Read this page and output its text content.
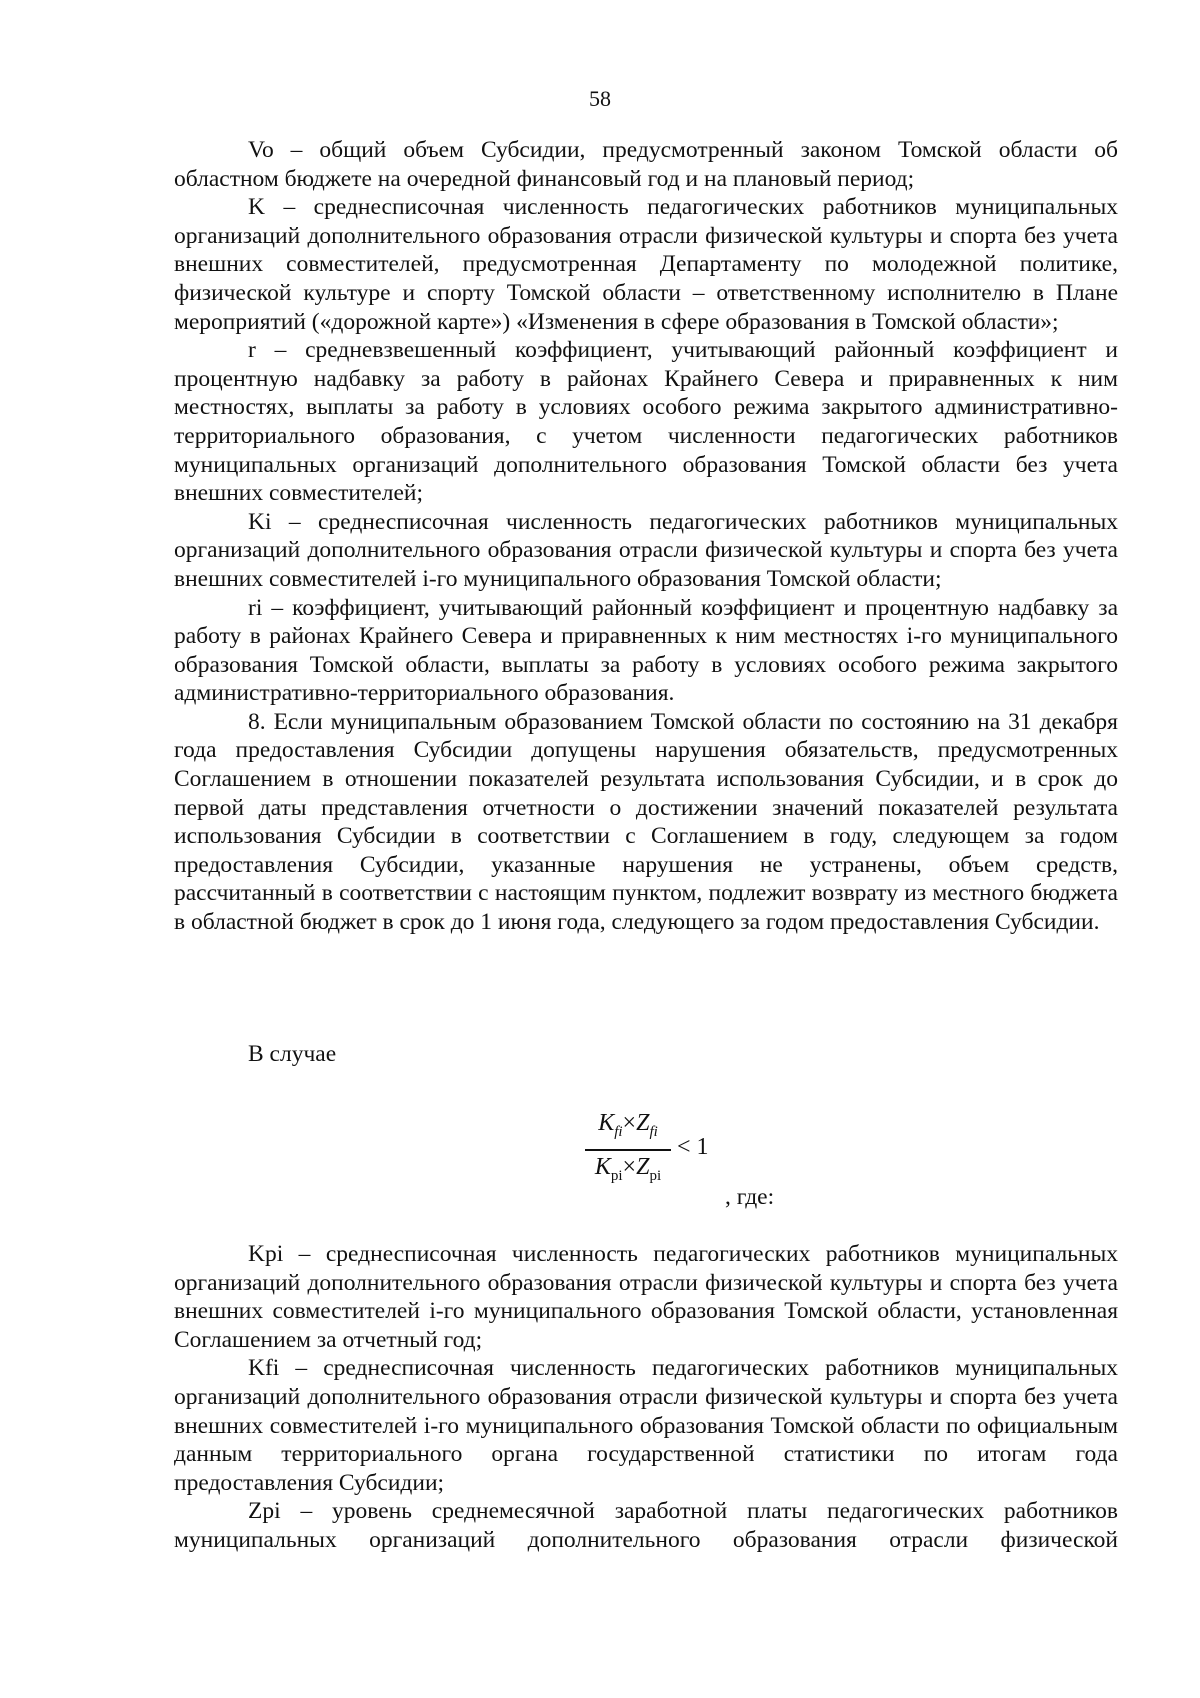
58

Vo – общий объем Субсидии, предусмотренный законом Томской области об областном бюджете на очередной финансовый год и на плановый период;

K – среднесписочная численность педагогических работников муниципальных организаций дополнительного образования отрасли физической культуры и спорта без учета внешних совместителей, предусмотренная Департаменту по молодежной политике, физической культуре и спорту Томской области – ответственному исполнителю в Плане мероприятий («дорожной карте») «Изменения в сфере образования в Томской области»;

r – средневзвешенный коэффициент, учитывающий районный коэффициент и процентную надбавку за работу в районах Крайнего Севера и приравненных к ним местностях, выплаты за работу в условиях особого режима закрытого административно-территориального образования, с учетом численности педагогических работников муниципальных организаций дополнительного образования Томской области без учета внешних совместителей;

Ki – среднесписочная численность педагогических работников муниципальных организаций дополнительного образования отрасли физической культуры и спорта без учета внешних совместителей i-го муниципального образования Томской области;

ri – коэффициент, учитывающий районный коэффициент и процентную надбавку за работу в районах Крайнего Севера и приравненных к ним местностях i-го муниципального образования Томской области, выплаты за работу в условиях особого режима закрытого административно-территориального образования.

8. Если муниципальным образованием Томской области по состоянию на 31 декабря года предоставления Субсидии допущены нарушения обязательств, предусмотренных Соглашением в отношении показателей результата использования Субсидии, и в срок до первой даты представления отчетности о достижении значений показателей результата использования Субсидии в соответствии с Соглашением в году, следующем за годом предоставления Субсидии, указанные нарушения не устранены, объем средств, рассчитанный в соответствии с настоящим пунктом, подлежит возврату из местного бюджета в областной бюджет в срок до 1 июня года, следующего за годом предоставления Субсидии.

В случае
$K_{fi}\times Z_{fi}$
$K_{pi}\times Z_{pi}$
< 1
, где:

Kpi – среднесписочная численность педагогических работников муниципальных организаций дополнительного образования отрасли физической культуры и спорта без учета внешних совместителей i-го муниципального образования Томской области, установленная Соглашением за отчетный год;

Kfi – среднесписочная численность педагогических работников муниципальных организаций дополнительного образования отрасли физической культуры и спорта без учета внешних совместителей i-го муниципального образования Томской области по официальным данным территориального органа государственной статистики по итогам года предоставления Субсидии;

Zpi – уровень среднемесячной заработной платы педагогических работников муниципальных организаций дополнительного образования отрасли физической
